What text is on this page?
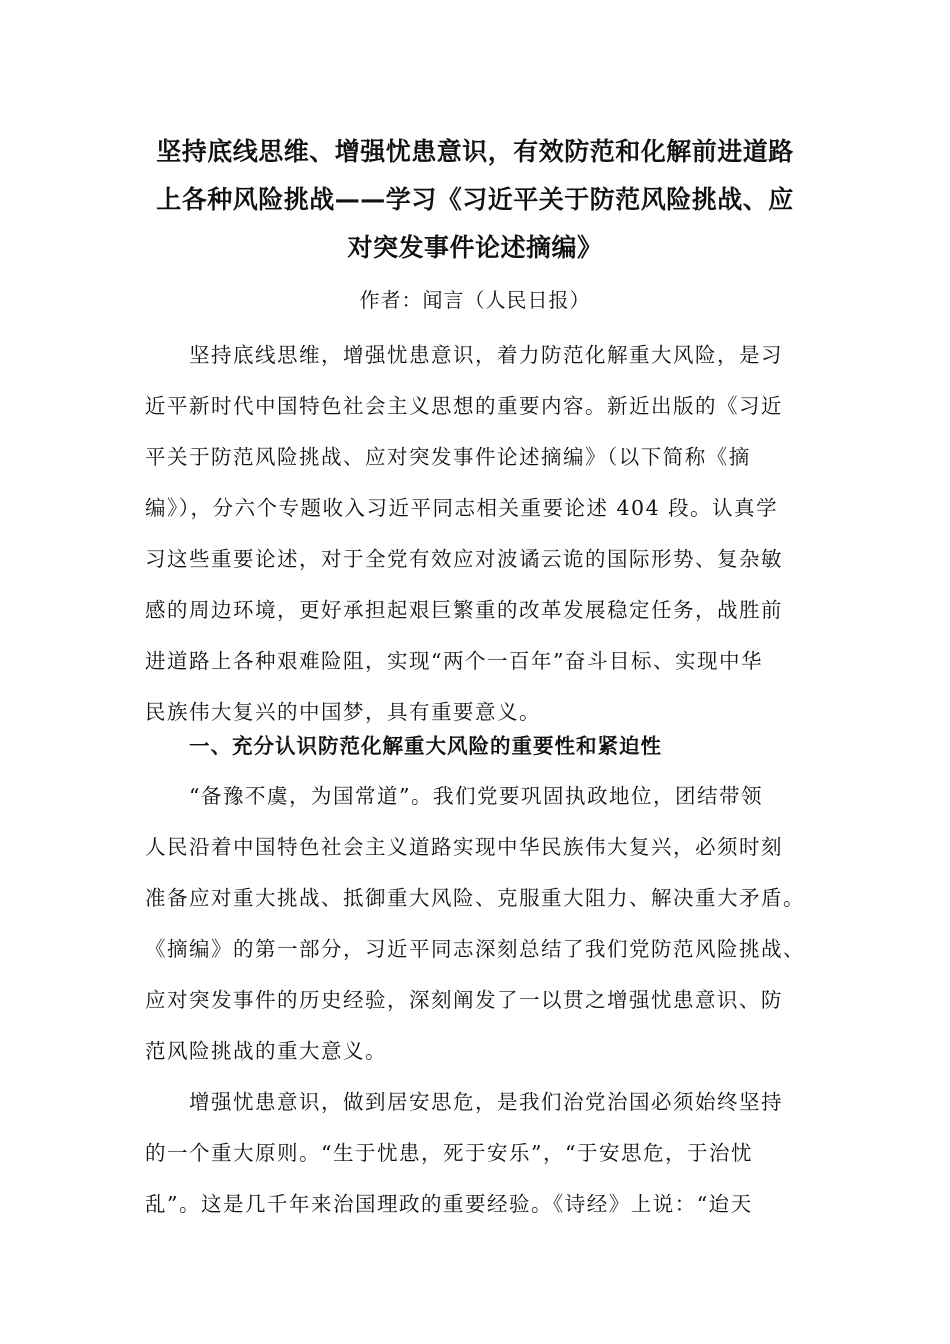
坚持底线思维、增强忧患意识，有效防范和化解前进道路
上各种风险挑战——学习《习近平关于防范风险挑战、应
对突发事件论述摘编》
作者：闻言（人民日报）
坚持底线思维，增强忧患意识，着力防范化解重大风险，是习
近平新时代中国特色社会主义思想的重要内容。新近出版的《习近
平关于防范风险挑战、应对突发事件论述摘编》（以下简称《摘
编》），分六个专题收入习近平同志相关重要论述 404 段。认真学
习这些重要论述，对于全党有效应对波谲云诡的国际形势、复杂敏
感的周边环境，更好承担起艰巨繁重的改革发展稳定任务，战胜前
进道路上各种艰难险阻，实现“两个一百年”奋斗目标、实现中华
民族伟大复兴的中国梦，具有重要意义。
一、充分认识防范化解重大风险的重要性和紧迫性
“备豫不虞，为国常道”。我们党要巩固执政地位，团结带领
人民沿着中国特色社会主义道路实现中华民族伟大复兴，必须时刻
准备应对重大挑战、抵御重大风险、克服重大阻力、解决重大矛盾。
《摘编》的第一部分，习近平同志深刻总结了我们党防范风险挑战、
应对突发事件的历史经验，深刻阐发了一以贯之增强忧患意识、防
范风险挑战的重大意义。
增强忧患意识，做到居安思危，是我们治党治国必须始终坚持
的一个重大原则。“生于忧患，死于安乐”，“于安思危，于治忧
乱”。这是几千年来治国理政的重要经验。《诗经》上说：“迨天
